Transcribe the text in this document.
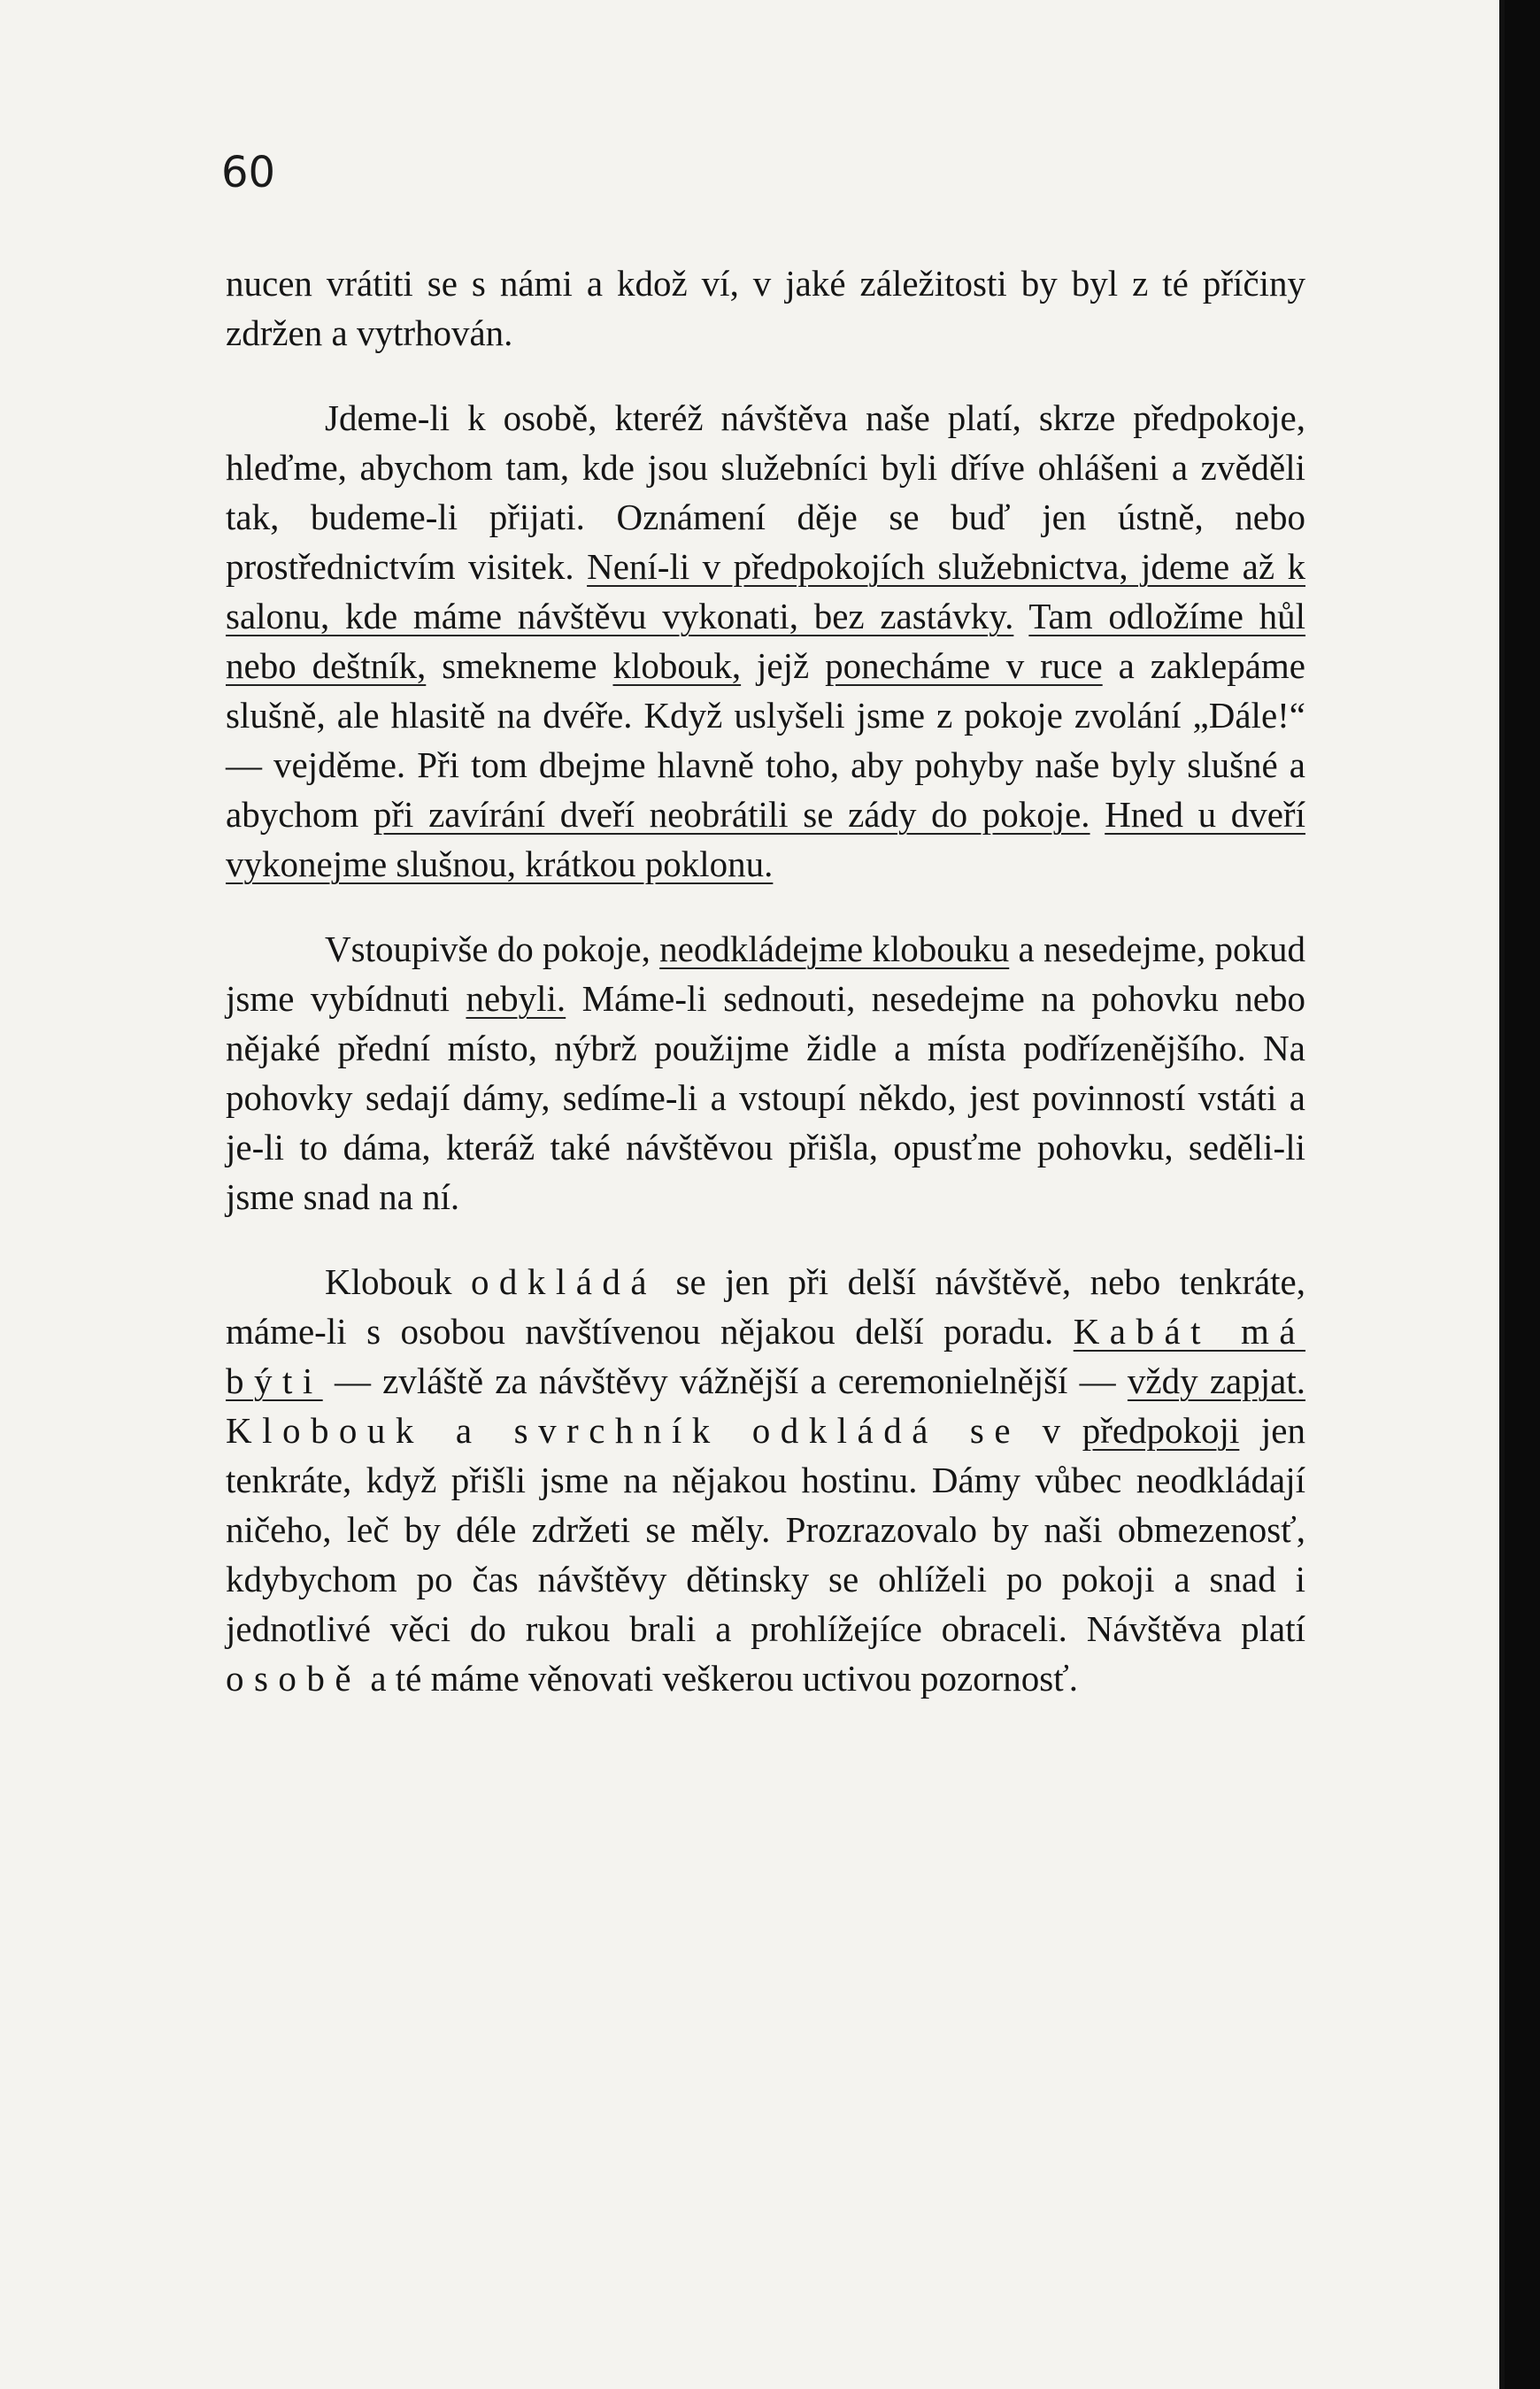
60

nucen vrátiti se s námi a kdož ví, v jaké záležitosti by byl z té příčiny zdržen a vytrhován.

Jdeme-li k osobě, kteréž návštěva naše platí, skrze předpokoje, hleďme, abychom tam, kde jsou služebníci byli dříve ohlášeni a zvěděli tak, budeme-li přijati. Oznámení děje se buď jen ústně, nebo prostřednictvím visitek. Není-li v předpokojích služebnictva, jdeme až k salonu, kde máme návštěvu vykonati, bez zastávky. Tam odložíme hůl nebo deštník, smekneme klobouk, jejž ponecháme v ruce a zaklepáme slušně, ale hlasitě na dvéře. Když uslyšeli jsme z pokoje zvolání „Dále!“ — vejděme. Při tom dbejme hlavně toho, aby pohyby naše byly slušné a abychom při zavírání dveří neobrátili se zády do pokoje. Hned u dveří vykonejme slušnou, krátkou poklonu.

Vstoupivše do pokoje, neodkládejme klobouku a nesedejme, pokud jsme vybídnuti nebyli. Máme-li sednouti, nesedejme na pohovku nebo nějaké přední místo, nýbrž použijme židle a místa podřízenějšího. Na pohovky sedají dámy, sedíme-li a vstoupí někdo, jest povinností vstáti a je-li to dáma, kteráž také návštěvou přišla, opusťme pohovku, seděli-li jsme snad na ní.

Klobouk odkládá se jen při delší návštěvě, nebo tenkráte, máme-li s osobou navštívenou nějakou delší poradu. Kabát má býti — zvláště za návštěvy vážnější a ceremonielnější — vždy zapjat. Klobouk a svrchník odkládá se v předpokoji jen tenkráte, když přišli jsme na nějakou hostinu. Dámy vůbec neodkládají ničeho, leč by déle zdržeti se měly. Prozrazovalo by naši obmezenosť, kdybychom po čas návštěvy dětinsky se ohlíželi po pokoji a snad i jednotlivé věci do rukou brali a prohlížejíce obraceli. Návštěva platí osobě a té máme věnovati veškerou uctivou pozornosť.
